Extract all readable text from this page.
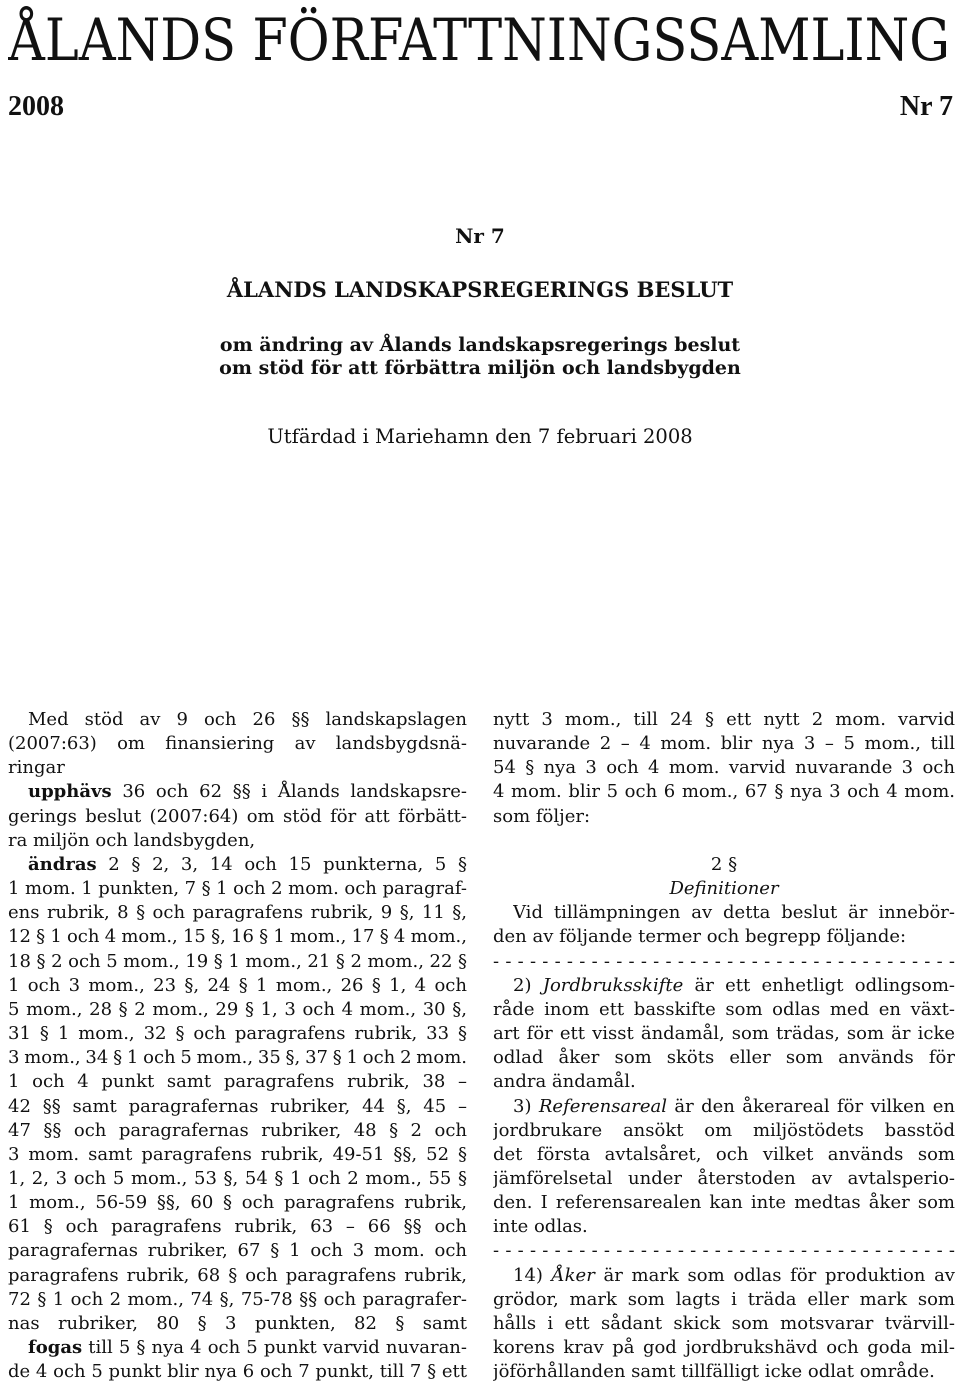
ÅLANDS FÖRFATTNINGSSAMLING
2008	Nr 7
Nr 7
ÅLANDS LANDSKAPSREGERINGS BESLUT
om ändring av Ålands landskapsregerings beslut
om stöd för att förbättra miljön och landsbygden
Utfärdad i Mariehamn den 7 februari 2008
Med stöd av 9 och 26 §§ landskapslagen
(2007:63) om finansiering av landsbygdsnä-
ringar
upphävs 36 och 62 §§ i Ålands landskapsre-
gerings beslut (2007:64) om stöd för att förbätt-
ra miljön och landsbygden,
ändras 2 § 2, 3, 14 och 15 punkterna, 5 §
1 mom. 1 punkten, 7 § 1 och 2 mom. och paragraf-
ens rubrik, 8 § och paragrafens rubrik, 9 §, 11 §,
12 § 1 och 4 mom., 15 §, 16 § 1 mom., 17 § 4 mom.,
18 § 2 och 5 mom., 19 § 1 mom., 21 § 2 mom., 22 §
1 och 3 mom., 23 §, 24 § 1 mom., 26 § 1, 4 och
5 mom., 28 § 2 mom., 29 § 1, 3 och 4 mom., 30 §,
31 § 1 mom., 32 § och paragrafens rubrik, 33 §
3 mom., 34 § 1 och 5 mom., 35 §, 37 § 1 och 2 mom.
1 och 4 punkt samt paragrafens rubrik, 38 –
42 §§ samt paragrafernas rubriker, 44 §, 45 –
47 §§ och paragrafernas rubriker, 48 § 2 och
3 mom. samt paragrafens rubrik, 49-51 §§, 52 §
1, 2, 3 och 5 mom., 53 §, 54 § 1 och 2 mom., 55 §
1 mom., 56-59 §§, 60 § och paragrafens rubrik,
61 § och paragrafens rubrik, 63 – 66 §§ och
paragrafernas rubriker, 67 § 1 och 3 mom. och
paragrafens rubrik, 68 § och paragrafens rubrik,
72 § 1 och 2 mom., 74 §, 75-78 §§ och paragrafer-
nas rubriker, 80 § 3 punkten, 82 § samt
fogas till 5 § nya 4 och 5 punkt varvid nuvaran-
de 4 och 5 punkt blir nya 6 och 7 punkt, till 7 § ett
nytt 3 mom., till 24 § ett nytt 2 mom. varvid
nuvarande 2 – 4 mom. blir nya 3 – 5 mom., till
54 § nya 3 och 4 mom. varvid nuvarande 3 och
4 mom. blir 5 och 6 mom., 67 § nya 3 och 4 mom.
som följer:
2 §
Definitioner
Vid tillämpningen av detta beslut är innebör-
den av följande termer och begrepp följande:
- - - - - - - - - - - - - - - - - - - - - - - - - - - - - - - - - - - - - -
2) Jordbruksskifte är ett enhetligt odlingsom-
råde inom ett basskifte som odlas med en växt-
art för ett visst ändamål, som trädas, som är icke
odlad åker som sköts eller som används för
andra ändamål.
3) Referensareal är den åkerareal för vilken en
jordbrukare ansökt om miljöstödets basstöd
det första avtalsåret, och vilket används som
jämförelsetal under återstoden av avtalsperio-
den. I referensarealen kan inte medtas åker som
inte odlas.
- - - - - - - - - - - - - - - - - - - - - - - - - - - - - - - - - - - - - -
14) Åker är mark som odlas för produktion av
grödor, mark som lagts i träda eller mark som
hålls i ett sådant skick som motsvarar tvärvill-
korens krav på god jordbrukshävd och goda mil-
jöförhållanden samt tillfälligt icke odlat område.
